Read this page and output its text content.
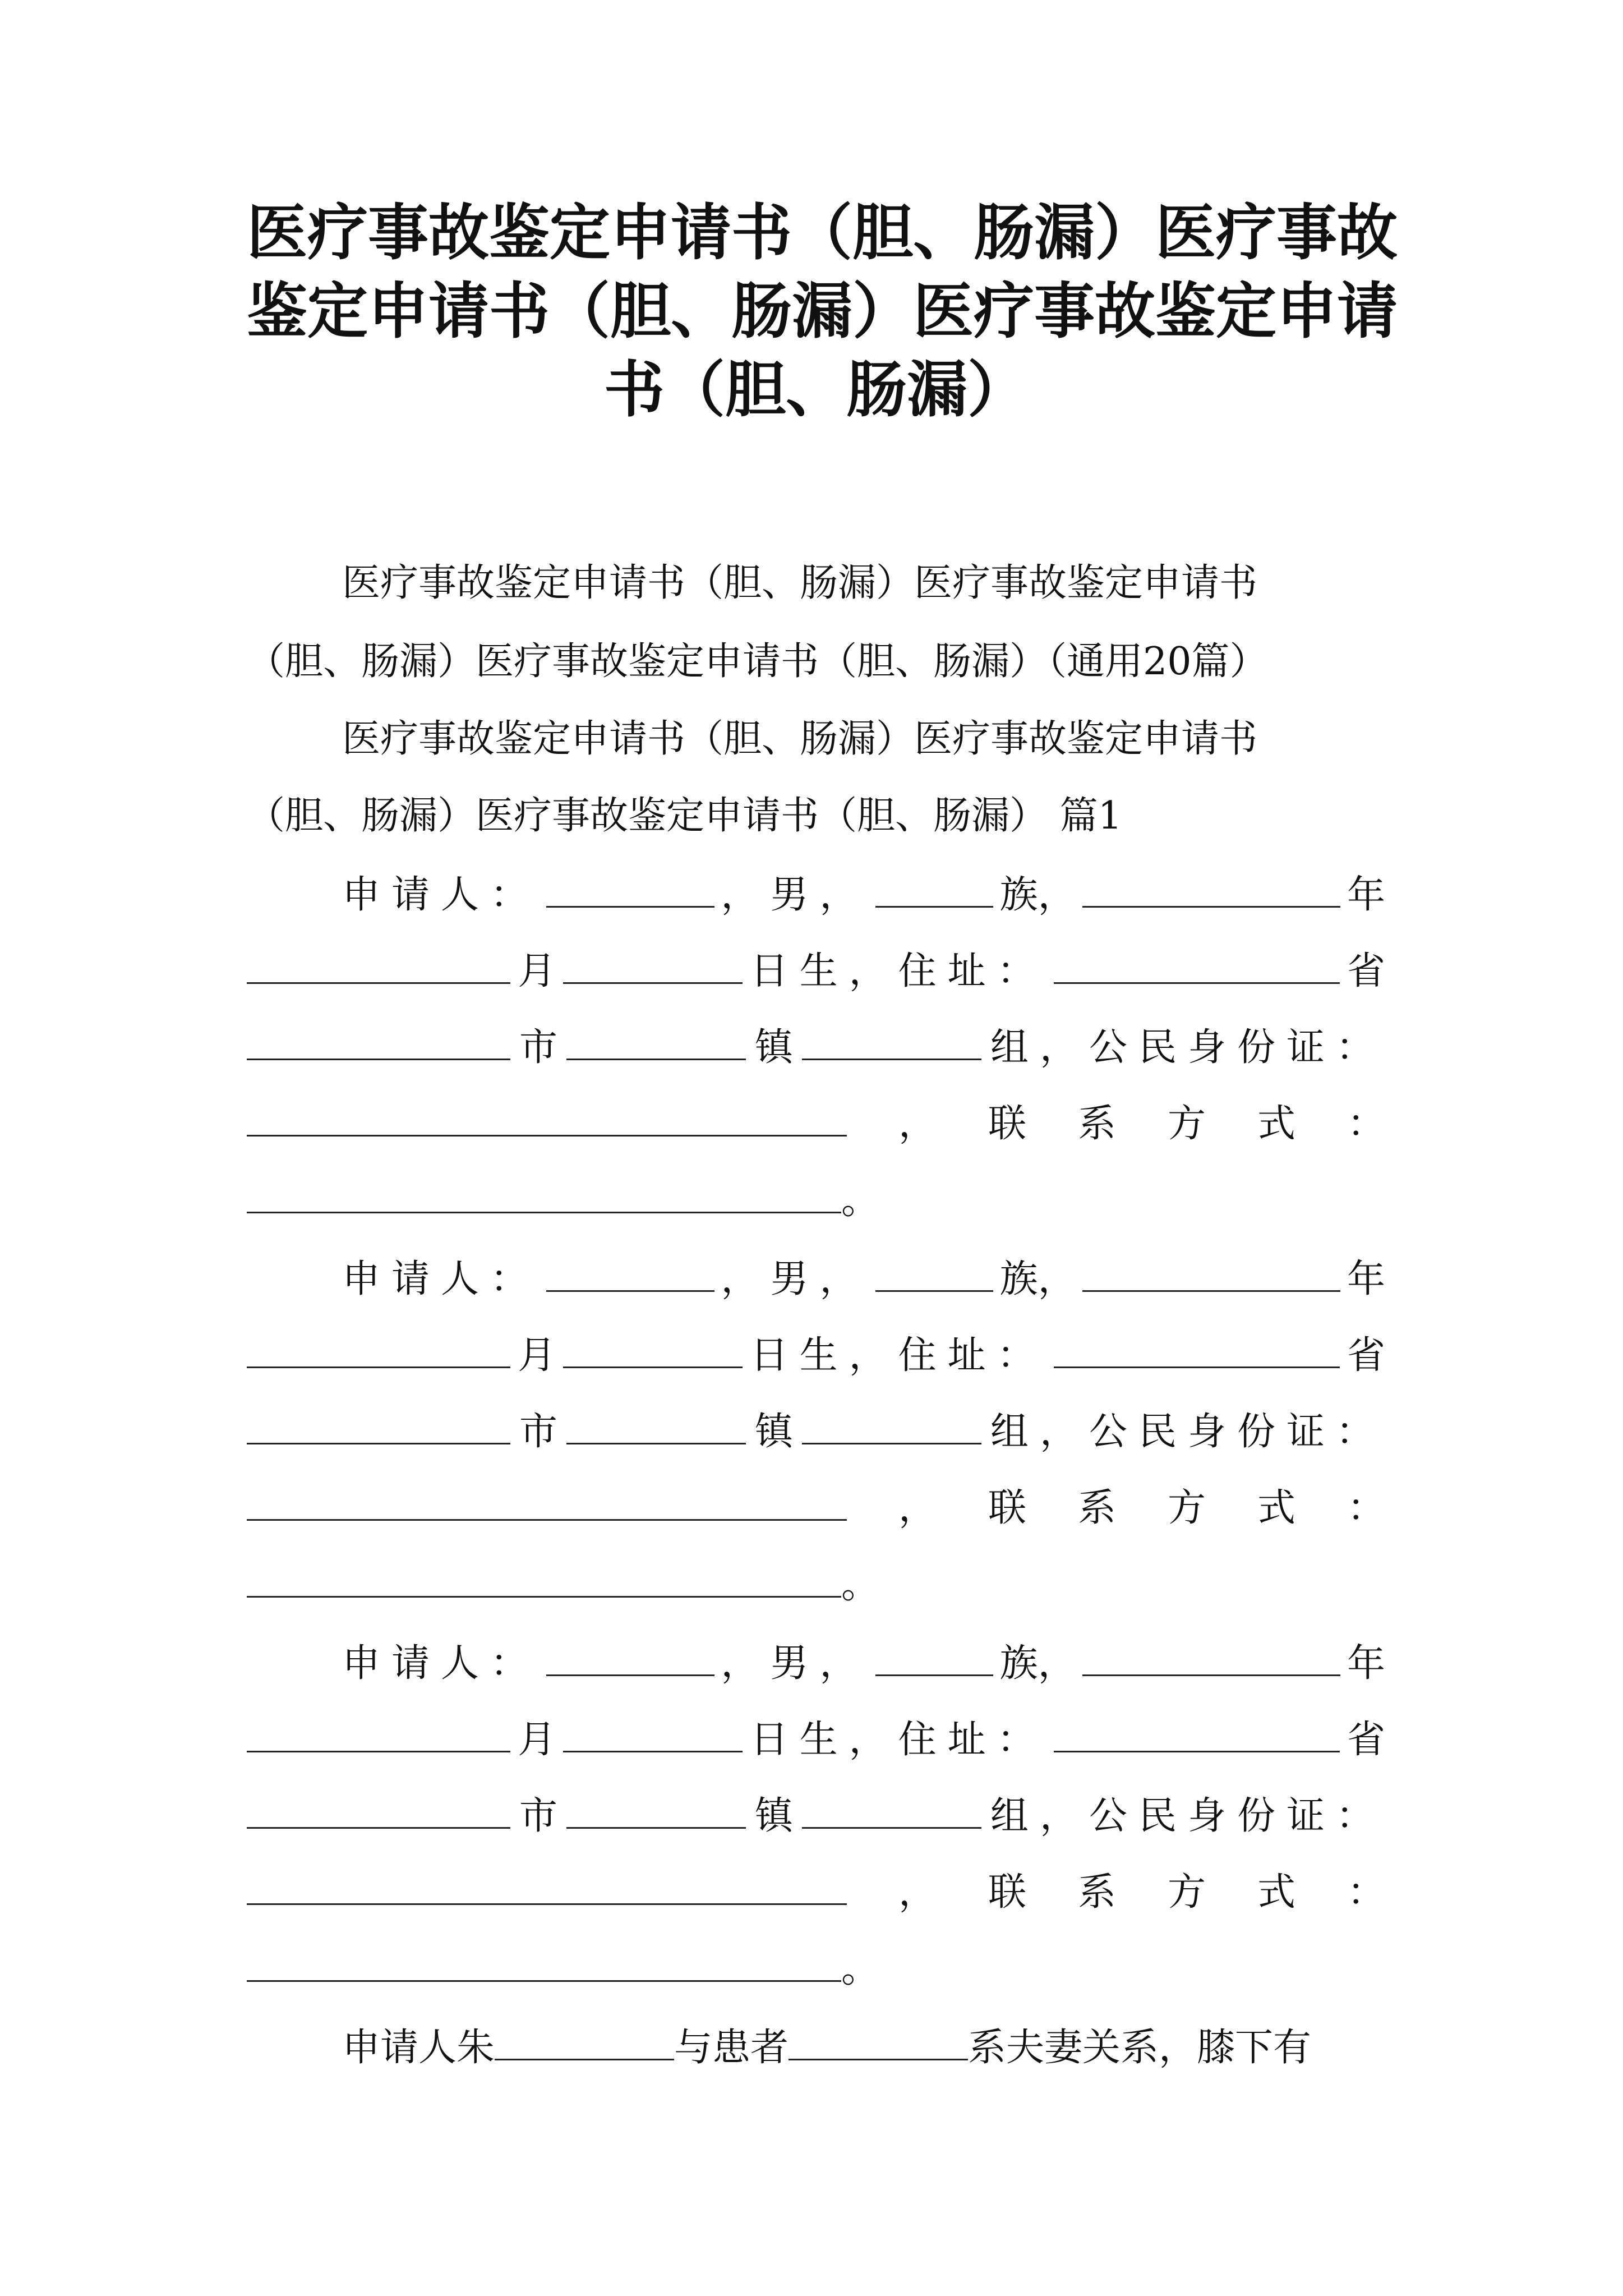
医疗事故鉴定申请书（胆、肠漏）医疗事故
鉴定申请书（胆、肠漏）医疗事故鉴定申请
书（胆、肠漏）
医疗事故鉴定申请书（胆、肠漏）医疗事故鉴定申请书
（胆、肠漏）医疗事故鉴定申请书（胆、肠漏）（通用20篇）
医疗事故鉴定申请书（胆、肠漏）医疗事故鉴定申请书
（胆、肠漏）医疗事故鉴定申请书（胆、肠漏） 篇1
申请人：	，男，	族，	年
月	日生，住址：	省
市	镇	组，公民身份证：
， 联 系 方 式 ：
。
申请人：	，男，	族，	年
月	日生，住址：	省
市	镇	组，公民身份证：
， 联 系 方 式 ：
。
申请人：	，男，	族，	年
月	日生，住址：	省
市	镇	组，公民身份证：
， 联 系 方 式 ：
。
申请人朱	与患者	系夫妻关系，膝下有
